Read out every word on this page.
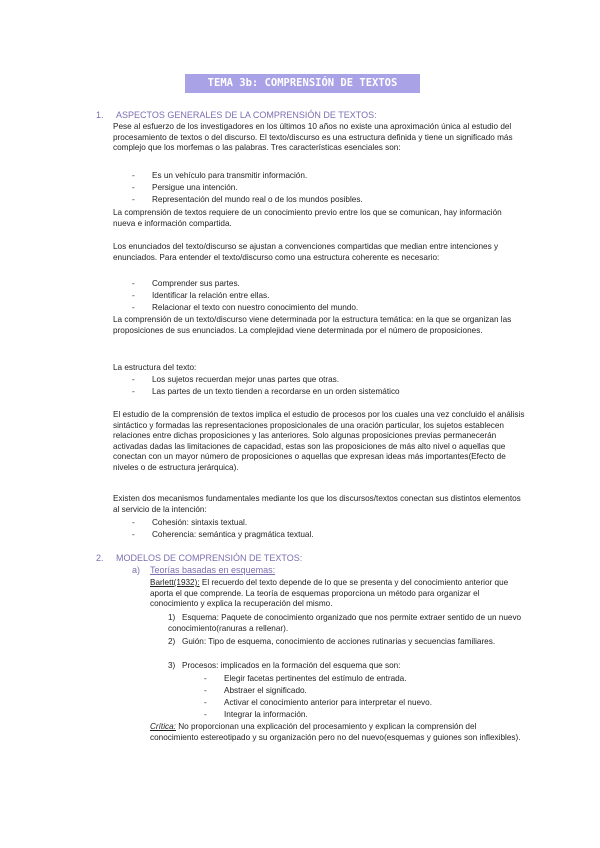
TEMA 3b: COMPRENSIÓN DE TEXTOS
1. ASPECTOS GENERALES DE LA COMPRENSIÓN DE TEXTOS:
Pese al esfuerzo de los investigadores en los últimos 10 años no existe una aproximación única al estudio del procesamiento de textos o del discurso. El texto/discurso es una estructura definida y tiene un significado más complejo que los morfemas o las palabras. Tres características esenciales son:
- Es un vehículo para transmitir información.
- Persigue una intención.
- Representación del mundo real o de los mundos posibles.
La comprensión de textos requiere de un conocimiento previo entre los que se comunican, hay información nueva e información compartida.
Los enunciados del texto/discurso se ajustan a convenciones compartidas que median entre intenciones y enunciados. Para entender el texto/discurso como una estructura coherente es necesario:
- Comprender sus partes.
- Identificar la relación entre ellas.
- Relacionar el texto con nuestro conocimiento del mundo.
La comprensión de un texto/discurso viene determinada por la estructura temática: en la que se organizan las proposiciones de sus enunciados. La complejidad viene determinada por el número de proposiciones.
La estructura del texto:
- Los sujetos recuerdan mejor unas partes que otras.
- Las partes de un texto tienden a recordarse en un orden sistemático
El estudio de la comprensión de textos implica el estudio de procesos por los cuales una vez concluido el análisis sintáctico y formadas las representaciones proposicionales de una oración particular, los sujetos establecen relaciones entre dichas proposiciones y las anteriores. Solo algunas proposiciones previas permanecerán activadas dadas las limitaciones de capacidad, estas son las proposiciones de más alto nivel o aquellas que conectan con un mayor número de proposiciones o aquellas que expresan ideas más importantes(Efecto de niveles o de estructura jerárquica).
Existen dos mecanismos fundamentales mediante los que los discursos/textos conectan sus distintos elementos al servicio de la intención:
- Cohesión: sintaxis textual.
- Coherencia: semántica y pragmática textual.
2. MODELOS DE COMPRENSIÓN DE TEXTOS:
a) Teorías basadas en esquemas:
Barlett(1932): El recuerdo del texto depende de lo que se presenta y del conocimiento anterior que aporta el que comprende. La teoría de esquemas proporciona un método para organizar el conocimiento y explica la recuperación del mismo.
1) Esquema: Paquete de conocimiento organizado que nos permite extraer sentido de un nuevo conocimiento(ranuras a rellenar).
2) Guión: Tipo de esquema, conocimiento de acciones rutinarias y secuencias familiares.
3) Procesos: implicados en la formación del esquema que son:
- Elegir facetas pertinentes del estímulo de entrada.
- Abstraer el significado.
- Activar el conocimiento anterior para interpretar el nuevo.
- Integrar la información.
Crítica: No proporcionan una explicación del procesamiento y explican la comprensión del conocimiento estereotipado y su organización pero no del nuevo(esquemas y guiones son inflexibles).
